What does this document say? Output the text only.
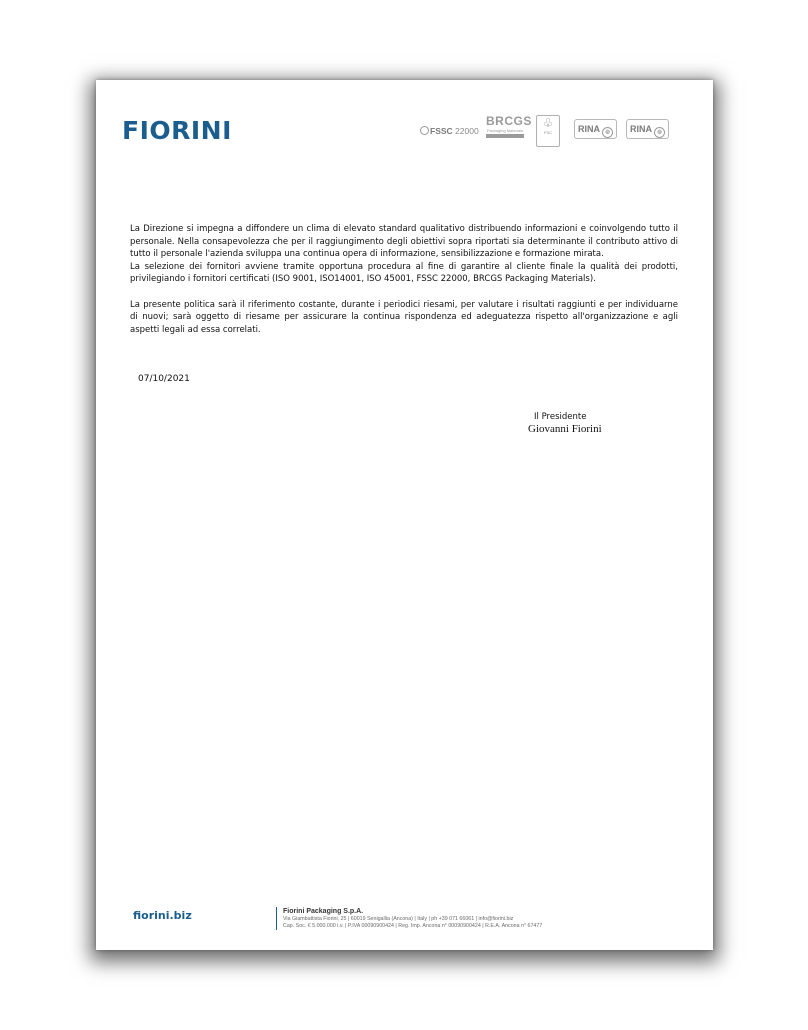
FIORINI	FSSC 22000
BRCGS
Packaging Materials
CERTIFICATED
♧
FSC	RINA ◎	RINA ◎

La Direzione si impegna a diffondere un clima di elevato standard qualitativo distribuendo informazioni e coinvolgendo tutto il personale. Nella consapevolezza che per il raggiungimento degli obiettivi sopra riportati sia determinante il contributo attivo di tutto il personale l'azienda sviluppa una continua opera di informazione, sensibilizzazione e formazione mirata.

La selezione dei fornitori avviene tramite opportuna procedura al fine di garantire al cliente finale la qualità dei prodotti, privilegiando i fornitori certificati (ISO 9001, ISO14001, ISO 45001, FSSC 22000, BRCGS Packaging Materials).

La presente politica sarà il riferimento costante, durante i periodici riesami, per valutare i risultati raggiunti e per individuarne di nuovi; sarà oggetto di riesame per assicurare la continua rispondenza ed adeguatezza rispetto all'organizzazione e agli aspetti legali ad essa correlati.

07/10/2021
Il Presidente
Giovanni Fiorini
fiorini.biz	Fiorini Packaging S.p.A.
Via Giambattista Fiorini, 25 | 60019 Senigallia (Ancona) | Italy | ph +39 071 66061 | info@fiorini.biz
Cap. Soc. € 5.000.000 i.v. | P.IVA 00090900424 | Reg. Imp. Ancona n° 00090900424 | R.E.A. Ancona n° 67477
